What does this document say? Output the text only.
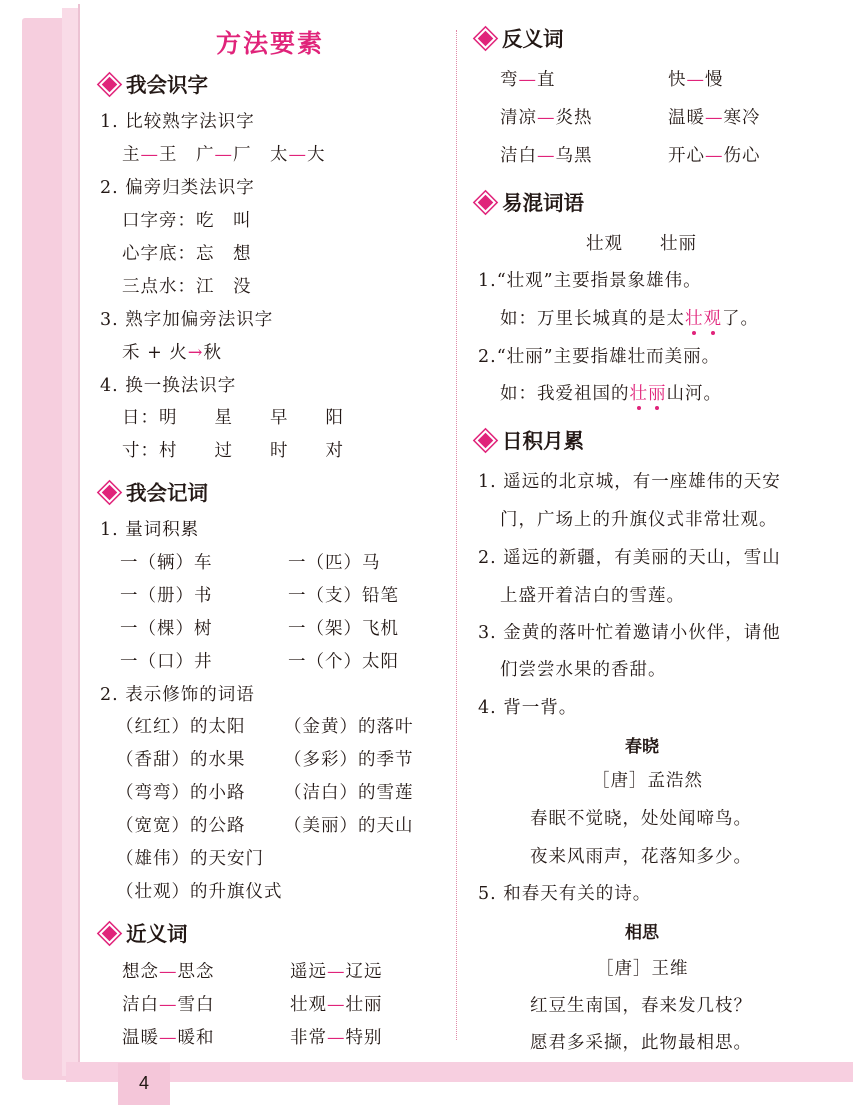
4
方法要素
我会识字
1. 比较熟字法识字
主—王　广—厂　太—大
2. 偏旁归类法识字
口字旁：吃　叫
心字底：忘　想
三点水：江　没
3. 熟字加偏旁法识字
禾 + 火→秋
4. 换一换法识字
日：明　　星　　早　　阳
寸：村　　过　　时　　对
我会记词
1. 量词积累
一（辆）车	一（匹）马
一（册）书	一（支）铅笔
一（棵）树	一（架）飞机
一（口）井	一（个）太阳
2. 表示修饰的词语
（红红）的太阳 （金黄）的落叶
（香甜）的水果 （多彩）的季节
（弯弯）的小路 （洁白）的雪莲
（宽宽）的公路 （美丽）的天山
（雄伟）的天安门
（壮观）的升旗仪式
近义词
想念—思念	遥远—辽远
洁白—雪白	壮观—壮丽
温暖—暖和	非常—特别
反义词
弯—直	快—慢
清凉—炎热	温暖—寒冷
洁白—乌黑	开心—伤心
易混词语
壮观　　壮丽
1.“壮观”主要指景象雄伟。
如：万里长城真的是太壮观了。
2.“壮丽”主要指雄壮而美丽。
如：我爱祖国的壮丽山河。
日积月累
1. 遥远的北京城，有一座雄伟的天安
门，广场上的升旗仪式非常壮观。
2. 遥远的新疆，有美丽的天山，雪山
上盛开着洁白的雪莲。
3. 金黄的落叶忙着邀请小伙伴，请他
们尝尝水果的香甜。
4. 背一背。
春晓
［唐］孟浩然
春眠不觉晓，处处闻啼鸟。
夜来风雨声，花落知多少。
5. 和春天有关的诗。
相思
［唐］王维
红豆生南国，春来发几枝？
愿君多采撷，此物最相思。
